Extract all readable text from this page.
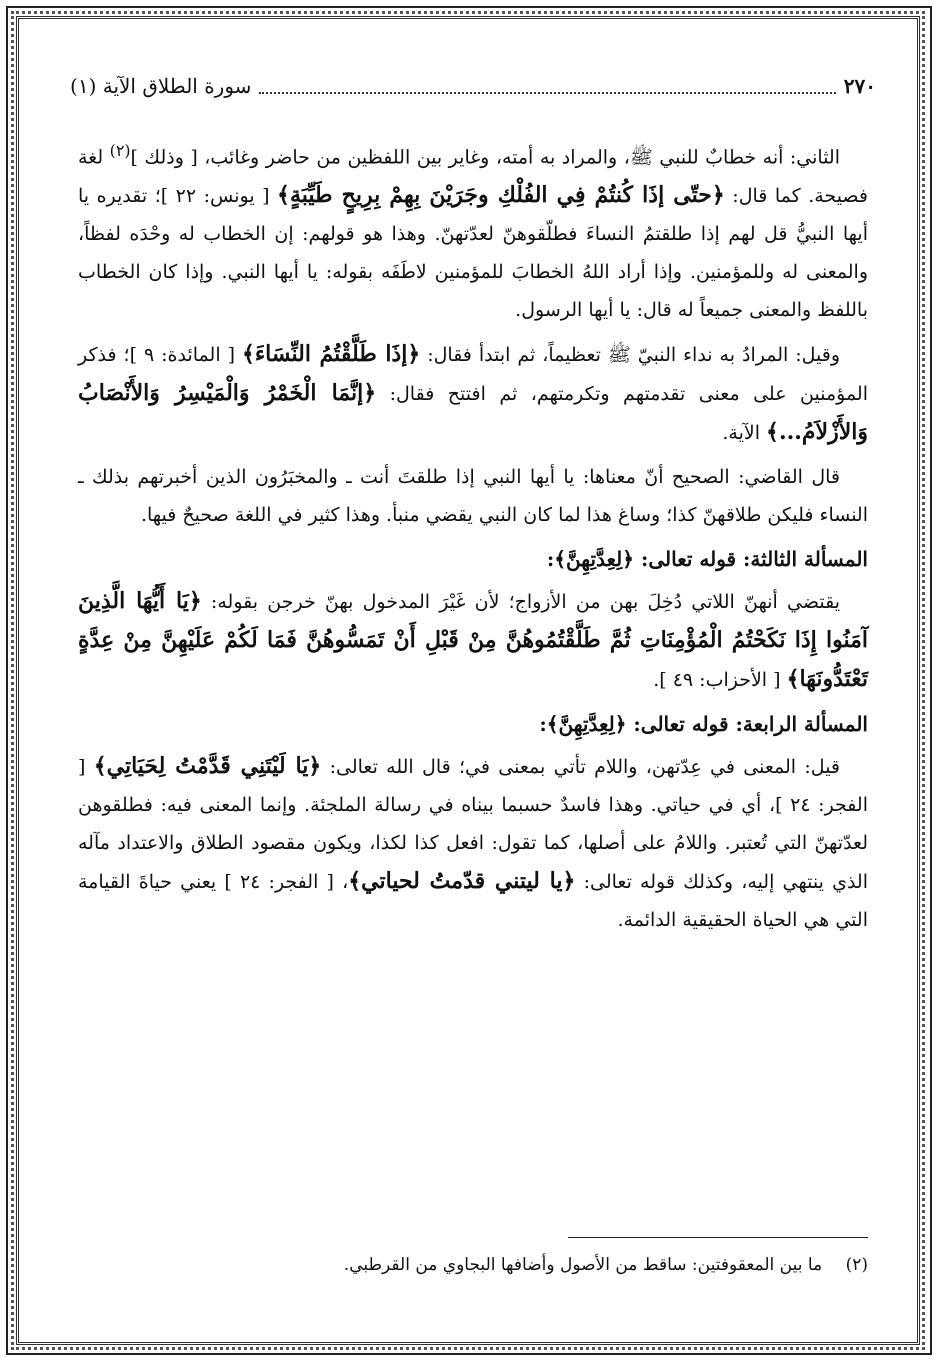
٢٧٠
سورة الطلاق الآية (١)

الثاني: أنه خطابٌ للنبي ﷺ، والمراد به أمته، وغاير بين اللفظين من حاضر وغائب، [ وذلك ]$^{(٢)}$ لغة فصيحة. كما قال: ﴿حتّى إذَا كُنتُمْ فِي الفُلْكِ وجَرَيْنَ بِهِمْ بِرِيحٍ طَيِّبَةٍ﴾ [ يونس: ٢٢ ]؛ تقديره يا أيها النبيُّ قل لهم إذا طلقتمُ النساءَ فطلّقوهنّ لعدّتهنّ. وهذا هو قولهم: إن الخطاب له وحْدَه لفظاً، والمعنى له وللمؤمنين. وإذا أراد اللهُ الخطابَ للمؤمنين لاطَفَه بقوله: يا أيها النبي. وإذا كان الخطاب باللفظ والمعنى جميعاً له قال: يا أيها الرسول.

وقيل: المرادُ به نداء النبيّ ﷺ تعظيماً، ثم ابتدأ فقال: ﴿إذَا طَلَّقْتُمُ النِّسَاءَ﴾ [ المائدة: ٩ ]؛ فذكر المؤمنين على معنى تقدمتهم وتكرمتهم، ثم افتتح فقال: ﴿إنَّمَا الْخَمْرُ وَالْمَيْسِرُ وَالأَنْصَابُ وَالأَزْلاَمُ...﴾ الآية.

قال القاضي: الصحيح أنّ معناها: يا أيها النبي إذا طلقتَ أنت ـ والمخبَرُون الذين أخبرتهم بذلك ـ النساء فليكن طلاقهنّ كذا؛ وساغ هذا لما كان النبي يقضي منبأ. وهذا كثير في اللغة صحيحٌ فيها.

المسألة الثالثة: قوله تعالى: ﴿لِعِدَّتِهِنَّ﴾:

يقتضي أنهنّ اللاتي دُخِلَ بهن من الأزواج؛ لأن غَيْرَ المدخول بهنّ خرجن بقوله: ﴿يَا أَيُّهَا الَّذِينَ آمَنُوا إِذَا نَكَحْتُمُ الْمُؤْمِنَاتِ ثُمَّ طَلَّقْتُمُوهُنَّ مِنْ قَبْلِ أَنْ تَمَسُّوهُنَّ فَمَا لَكُمْ عَلَيْهِنَّ مِنْ عِدَّةٍ تَعْتَدُّونَهَا﴾ [ الأحزاب: ٤٩ ].

المسألة الرابعة: قوله تعالى: ﴿لِعِدَّتِهِنَّ﴾:

قيل: المعنى في عِدّتهن، واللام تأتي بمعنى في؛ قال الله تعالى: ﴿يَا لَيْتَنِي قَدَّمْتُ لِحَيَاتِي﴾ [ الفجر: ٢٤ ]، أي في حياتي. وهذا فاسدٌ حسبما بيناه في رسالة الملجئة. وإنما المعنى فيه: فطلقوهن لعدّتهنّ التي تُعتبر. واللامُ على أصلها، كما تقول: افعل كذا لكذا، ويكون مقصود الطلاق والاعتداد مآله الذي ينتهي إليه، وكذلك قوله تعالى: ﴿يا ليتني قدّمتُ لحياتي﴾، [ الفجر: ٢٤ ] يعني حياةَ القيامة التي هي الحياة الحقيقية الدائمة.

(٢) ما بين المعقوفتين: ساقط من الأصول وأضافها البجاوي من القرطبي.
